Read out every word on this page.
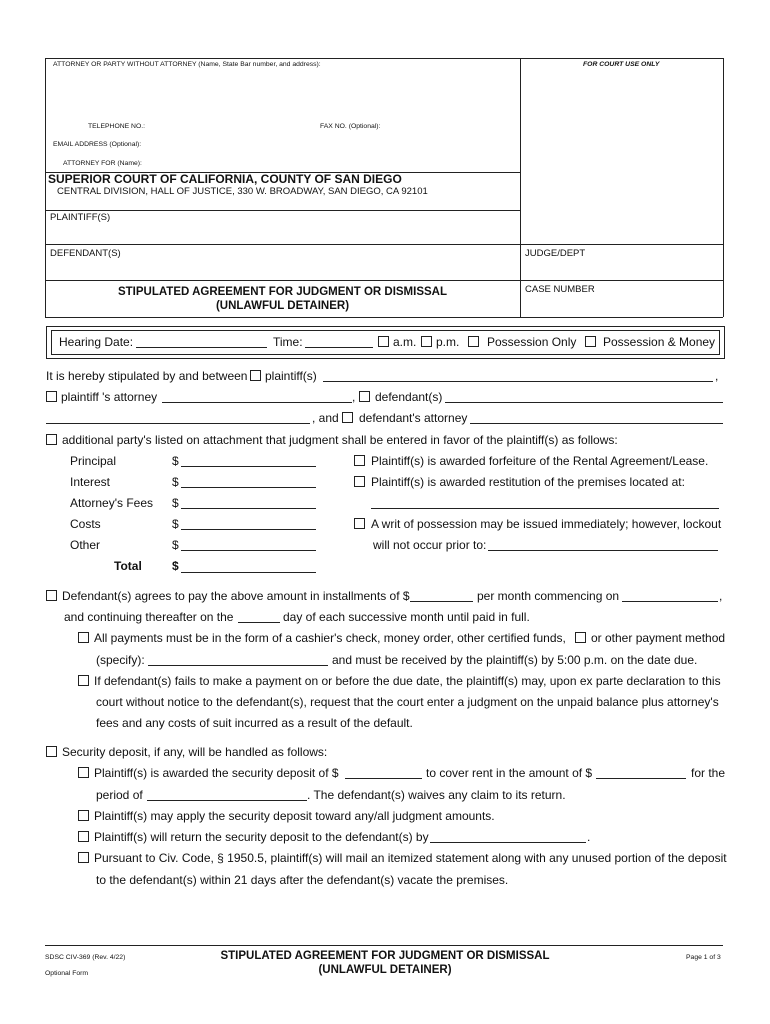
ATTORNEY OR PARTY WITHOUT ATTORNEY (Name, State Bar number, and address):	FOR COURT USE ONLY
TELEPHONE NO.:	FAX NO. (Optional):
EMAIL ADDRESS (Optional):
ATTORNEY FOR (Name):
SUPERIOR COURT OF CALIFORNIA, COUNTY OF SAN DIEGO
CENTRAL DIVISION, HALL OF JUSTICE, 330 W. BROADWAY, SAN DIEGO, CA 92101
PLAINTIFF(S)
DEFENDANT(S)	JUDGE/DEPT
STIPULATED AGREEMENT FOR JUDGMENT OR DISMISSAL
(UNLAWFUL DETAINER)
CASE NUMBER
Hearing Date:	Time:	a.m. p.m. Possession Only Possession & Money
It is hereby stipulated by and between plaintiff(s)	,
plaintiff 's attorney	, defendant(s)
, and defendant's attorney
additional party's listed on attachment that judgment shall be entered in favor of the plaintiff(s) as follows:
Principal	$
Interest	$
Attorney's Fees $
Costs	$
Other	$
Total	$
Plaintiff(s) is awarded forfeiture of the Rental Agreement/Lease.
Plaintiff(s) is awarded restitution of the premises located at:
A writ of possession may be issued immediately; however, lockout
will not occur prior to:
Defendant(s) agrees to pay the above amount in installments of $	per month commencing on	,
and continuing thereafter on the	day of each successive month until paid in full.
All payments must be in the form of a cashier's check, money order, other certified funds, or other payment method
(specify):	and must be received by the plaintiff(s) by 5:00 p.m. on the date due.
If defendant(s) fails to make a payment on or before the due date, the plaintiff(s) may, upon ex parte declaration to this
court without notice to the defendant(s), request that the court enter a judgment on the unpaid balance plus attorney's
fees and any costs of suit incurred as a result of the default.
Security deposit, if any, will be handled as follows:
Plaintiff(s) is awarded the security deposit of $	to cover rent in the amount of $	for the
period of	. The defendant(s) waives any claim to its return.
Plaintiff(s) may apply the security deposit toward any/all judgment amounts.
Plaintiff(s) will return the security deposit to the defendant(s) by	.
Pursuant to Civ. Code, § 1950.5, plaintiff(s) will mail an itemized statement along with any unused portion of the deposit
to the defendant(s) within 21 days after the defendant(s) vacate the premises.
SDSC CIV-369 (Rev. 4/22)
Optional Form
STIPULATED AGREEMENT FOR JUDGMENT OR DISMISSAL
(UNLAWFUL DETAINER)
Page 1 of 3
